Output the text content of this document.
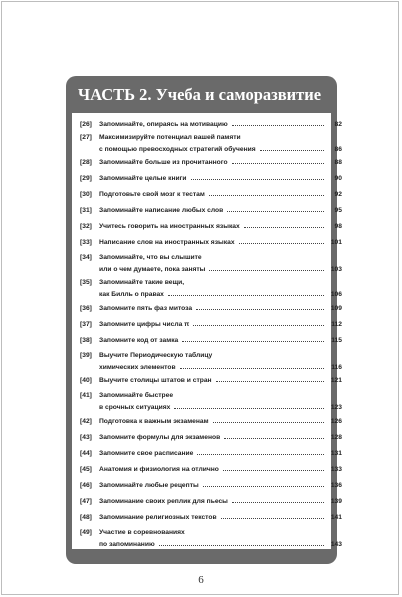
ЧАСТЬ 2. Учеба и саморазвитие
[26]	Запоминайте, опираясь на мотивацию	82
[27]	Максимизируйте потенциал вашей памяти
с помощью превосходных стратегий обучения	86
[28]	Запоминайте больше из прочитанного	88
[29]	Запоминайте целые книги	90
[30]	Подготовьте свой мозг к тестам	92
[31]	Запоминайте написание любых слов	95
[32]	Учитесь говорить на иностранных языках	98
[33]	Написание слов на иностранных языках	101
[34]	Запоминайте, что вы слышите
или о чем думаете, пока заняты	103
[35]	Запоминайте такие вещи,
как Билль о правах	106
[36]	Запомните пять фаз митоза	109
[37]	Запомните цифры числа π	112
[38]	Запомните код от замка	115
[39]	Выучите Периодическую таблицу
химических элементов	116
[40]	Выучите столицы штатов и стран	121
[41]	Запоминайте быстрее
в срочных ситуациях	123
[42]	Подготовка к важным экзаменам	126
[43]	Запомните формулы для экзаменов	128
[44]	Запомните свое расписание	131
[45]	Анатомия и физиология на отлично	133
[46]	Запоминайте любые рецепты	136
[47]	Запоминание своих реплик для пьесы	139
[48]	Запоминание религиозных текстов	141
[49]	Участие в соревнованиях
по запоминанию	143
6
